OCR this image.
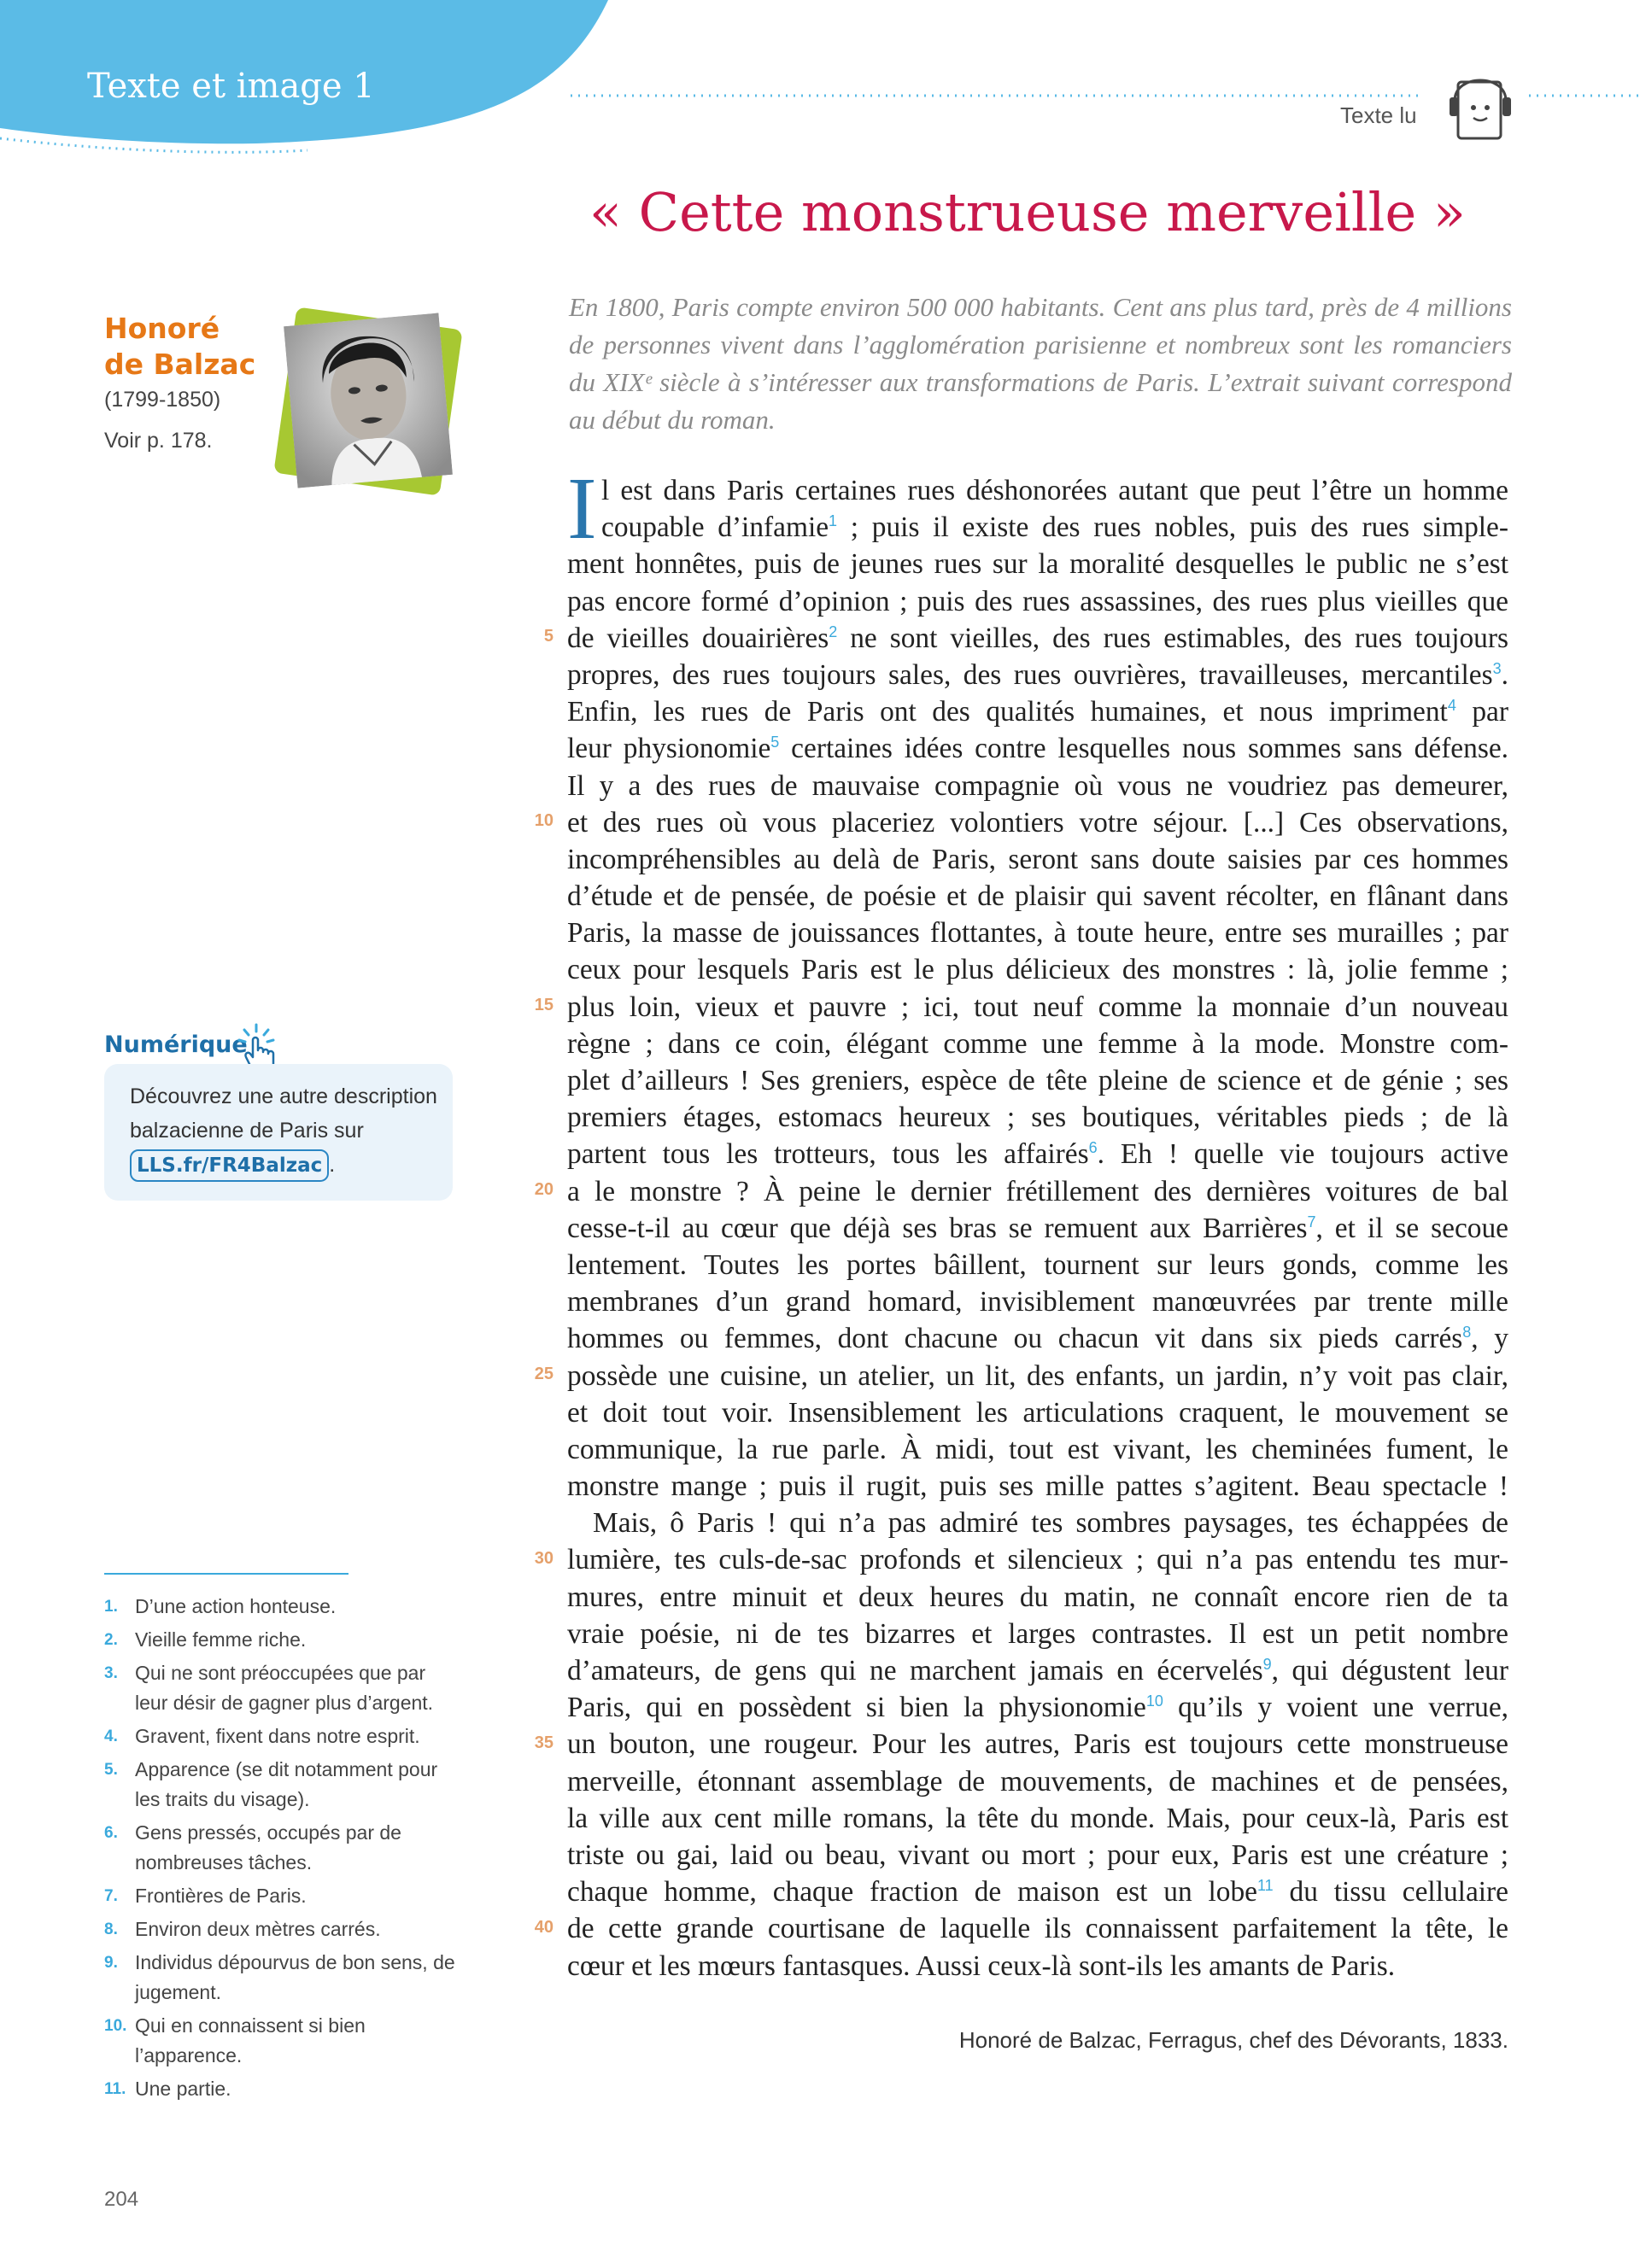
Texte et image 1
Texte lu
« Cette monstrueuse merveille »
Honoré de Balzac
(1799-1850)
Voir p. 178.
En 1800, Paris compte environ 500 000 habitants. Cent ans plus tard, près de 4 millions de personnes vivent dans l’agglomération parisienne et nombreux sont les romanciers du XIXᵉ siècle à s’intéresser aux transformations de Paris. L’extrait suivant correspond au début du roman.
I l est dans Paris certaines rues déshonorées autant que peut l’être un homme
coupable d’infamie$^1$ ; puis il existe des rues nobles, puis des rues simple-
ment honnêtes, puis de jeunes rues sur la moralité desquelles le public ne s’est
pas encore formé d’opinion ; puis des rues assassines, des rues plus vieilles que
de vieilles douairières$^2$ ne sont vieilles, des rues estimables, des rues toujours
propres, des rues toujours sales, des rues ouvrières, travailleuses, mercantiles$^3$.
Enfin, les rues de Paris ont des qualités humaines, et nous impriment$^4$ par
leur physionomie$^5$ certaines idées contre lesquelles nous sommes sans défense.
Il y a des rues de mauvaise compagnie où vous ne voudriez pas demeurer,
et des rues où vous placeriez volontiers votre séjour. [...] Ces observations,
incompréhensibles au delà de Paris, seront sans doute saisies par ces hommes
d’étude et de pensée, de poésie et de plaisir qui savent récolter, en flânant dans
Paris, la masse de jouissances flottantes, à toute heure, entre ses murailles ; par
ceux pour lesquels Paris est le plus délicieux des monstres : là, jolie femme ;
plus loin, vieux et pauvre ; ici, tout neuf comme la monnaie d’un nouveau
règne ; dans ce coin, élégant comme une femme à la mode. Monstre com-
plet d’ailleurs ! Ses greniers, espèce de tête pleine de science et de génie ; ses
premiers étages, estomacs heureux ; ses boutiques, véritables pieds ; de là
partent tous les trotteurs, tous les affairés$^6$. Eh ! quelle vie toujours active
a le monstre ? À peine le dernier frétillement des dernières voitures de bal
cesse-t-il au cœur que déjà ses bras se remuent aux Barrières$^7$, et il se secoue
lentement. Toutes les portes bâillent, tournent sur leurs gonds, comme les
membranes d’un grand homard, invisiblement manœuvrées par trente mille
hommes ou femmes, dont chacune ou chacun vit dans six pieds carrés$^8$, y
possède une cuisine, un atelier, un lit, des enfants, un jardin, n’y voit pas clair,
et doit tout voir. Insensiblement les articulations craquent, le mouvement se
communique, la rue parle. À midi, tout est vivant, les cheminées fument, le
monstre mange ; puis il rugit, puis ses mille pattes s’agitent. Beau spectacle !
Mais, ô Paris ! qui n’a pas admiré tes sombres paysages, tes échappées de
lumière, tes culs-de-sac profonds et silencieux ; qui n’a pas entendu tes mur-
mures, entre minuit et deux heures du matin, ne connaît encore rien de ta
vraie poésie, ni de tes bizarres et larges contrastes. Il est un petit nombre
d’amateurs, de gens qui ne marchent jamais en écervelés$^9$, qui dégustent leur
Paris, qui en possèdent si bien la physionomie$^{10}$ qu’ils y voient une verrue,
un bouton, une rougeur. Pour les autres, Paris est toujours cette monstrueuse
merveille, étonnant assemblage de mouvements, de machines et de pensées,
la ville aux cent mille romans, la tête du monde. Mais, pour ceux-là, Paris est
triste ou gai, laid ou beau, vivant ou mort ; pour eux, Paris est une créature ;
chaque homme, chaque fraction de maison est un lobe$^{11}$ du tissu cellulaire
de cette grande courtisane de laquelle ils connaissent parfaitement la tête, le
cœur et les mœurs fantasques. Aussi ceux-là sont-ils les amants de Paris.
5
10
15
20
25
30
35
40
Honoré de Balzac, Ferragus, chef des Dévorants, 1833.
Numérique
Découvrez une autre description balzacienne de Paris sur LLS.fr/FR4Balzac .
1. D’une action honteuse.
2. Vieille femme riche.
3. Qui ne sont préoccupées que par leur désir de gagner plus d’argent.
4. Gravent, fixent dans notre esprit.
5. Apparence (se dit notamment pour les traits du visage).
6. Gens pressés, occupés par de nombreuses tâches.
7. Frontières de Paris.
8. Environ deux mètres carrés.
9. Individus dépourvus de bon sens, de jugement.
10. Qui en connaissent si bien l’apparence.
11. Une partie.
204
